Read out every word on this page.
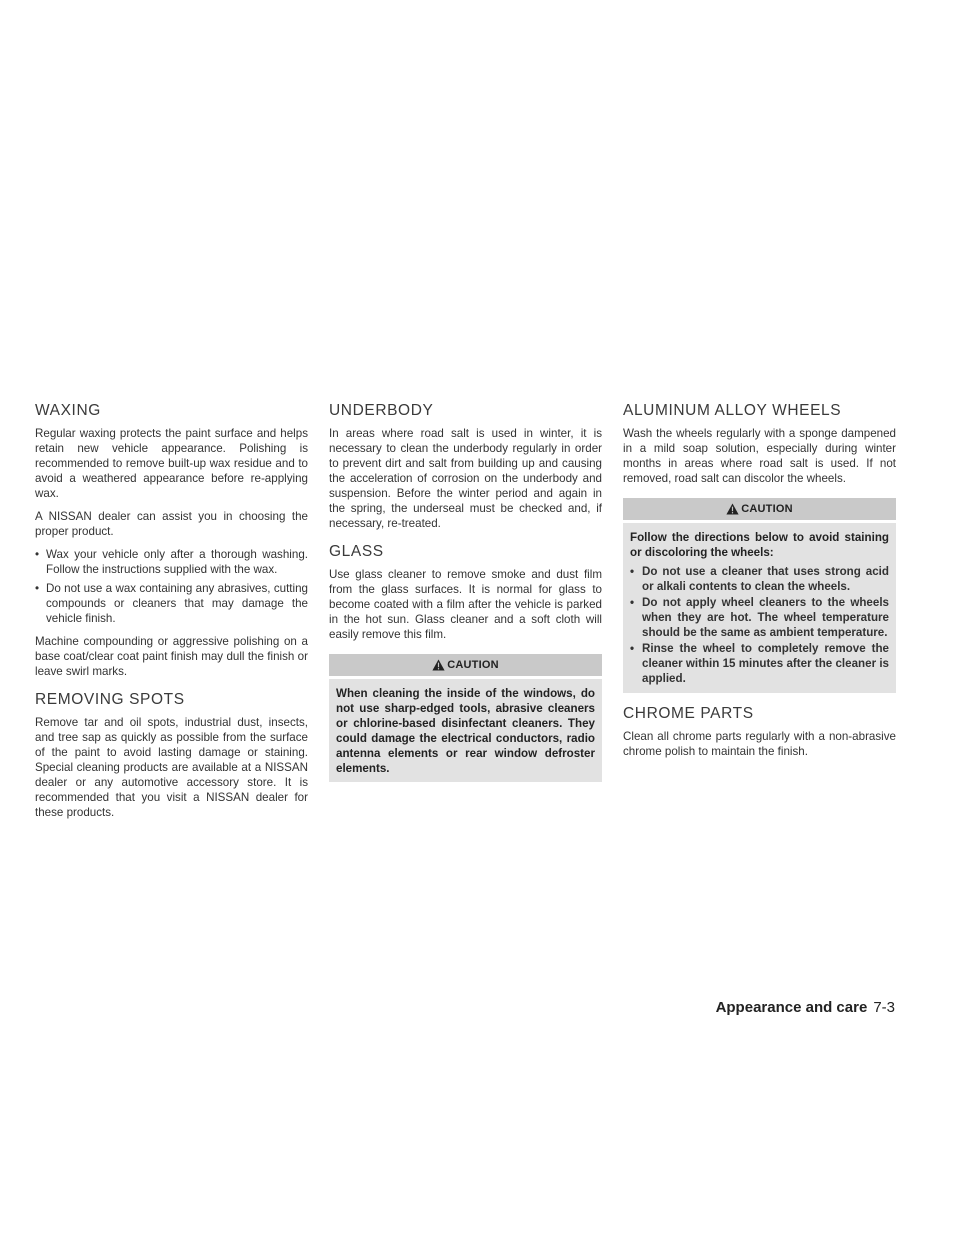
WAXING

Regular waxing protects the paint surface and helps retain new vehicle appearance. Polishing is recommended to remove built-up wax residue and to avoid a weathered appearance before re-applying wax.

A NISSAN dealer can assist you in choosing the proper product.

• Wax your vehicle only after a thorough washing. Follow the instructions supplied with the wax.
• Do not use a wax containing any abrasives, cutting compounds or cleaners that may damage the vehicle finish.

Machine compounding or aggressive polishing on a base coat/clear coat paint finish may dull the finish or leave swirl marks.

REMOVING SPOTS

Remove tar and oil spots, industrial dust, insects, and tree sap as quickly as possible from the surface of the paint to avoid lasting damage or staining. Special cleaning products are available at a NISSAN dealer or any automotive accessory store. It is recommended that you visit a NISSAN dealer for these products.

UNDERBODY

In areas where road salt is used in winter, it is necessary to clean the underbody regularly in order to prevent dirt and salt from building up and causing the acceleration of corrosion on the underbody and suspension. Before the winter period and again in the spring, the underseal must be checked and, if necessary, re-treated.

GLASS

Use glass cleaner to remove smoke and dust film from the glass surfaces. It is normal for glass to become coated with a film after the vehicle is parked in the hot sun. Glass cleaner and a soft cloth will easily remove this film.

CAUTION
When cleaning the inside of the windows, do not use sharp-edged tools, abrasive cleaners or chlorine-based disinfectant cleaners. They could damage the electrical conductors, radio antenna elements or rear window defroster elements.
ALUMINUM ALLOY WHEELS

Wash the wheels regularly with a sponge dampened in a mild soap solution, especially during winter months in areas where road salt is used. If not removed, road salt can discolor the wheels.

CAUTION
Follow the directions below to avoid staining or discoloring the wheels:
• Do not use a cleaner that uses strong acid or alkali contents to clean the wheels.
• Do not apply wheel cleaners to the wheels when they are hot. The wheel temperature should be the same as ambient temperature.
• Rinse the wheel to completely remove the cleaner within 15 minutes after the cleaner is applied.
CHROME PARTS

Clean all chrome parts regularly with a non-abrasive chrome polish to maintain the finish.

Appearance and care 7-3
